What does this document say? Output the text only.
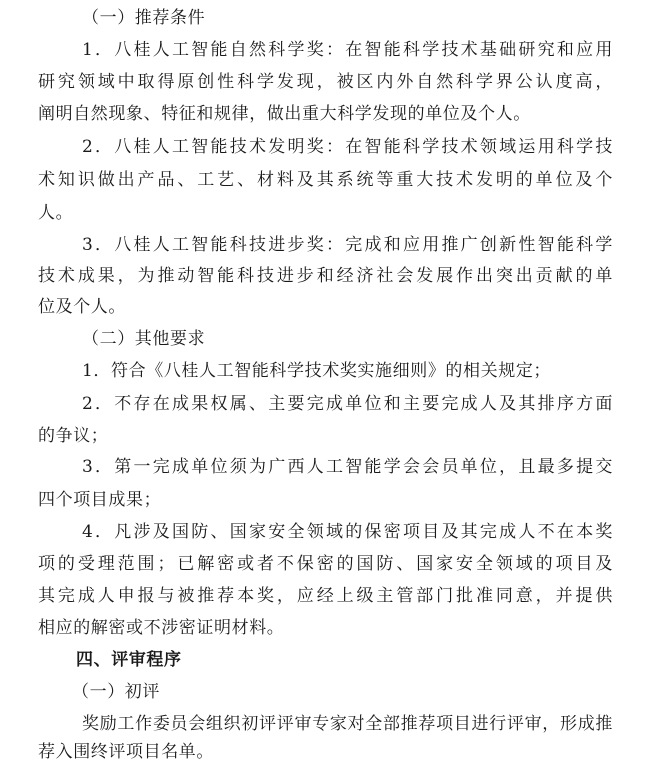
（一）推荐条件
1．八桂人工智能自然科学奖：在智能科学技术基础研究和应用
研究领域中取得原创性科学发现，被区内外自然科学界公认度高，
阐明自然现象、特征和规律，做出重大科学发现的单位及个人。
2．八桂人工智能技术发明奖：在智能科学技术领域运用科学技
术知识做出产品、工艺、材料及其系统等重大技术发明的单位及个
人。
3．八桂人工智能科技进步奖：完成和应用推广创新性智能科学
技术成果，为推动智能科技进步和经济社会发展作出突出贡献的单
位及个人。
（二）其他要求
1．符合《八桂人工智能科学技术奖实施细则》的相关规定；
2．不存在成果权属、主要完成单位和主要完成人及其排序方面
的争议；
3．第一完成单位须为广西人工智能学会会员单位，且最多提交
四个项目成果；
4．凡涉及国防、国家安全领域的保密项目及其完成人不在本奖
项的受理范围；已解密或者不保密的国防、国家安全领域的项目及
其完成人申报与被推荐本奖，应经上级主管部门批准同意，并提供
相应的解密或不涉密证明材料。
四、评审程序
（一）初评
奖励工作委员会组织初评评审专家对全部推荐项目进行评审，形成推
荐入围终评项目名单。
